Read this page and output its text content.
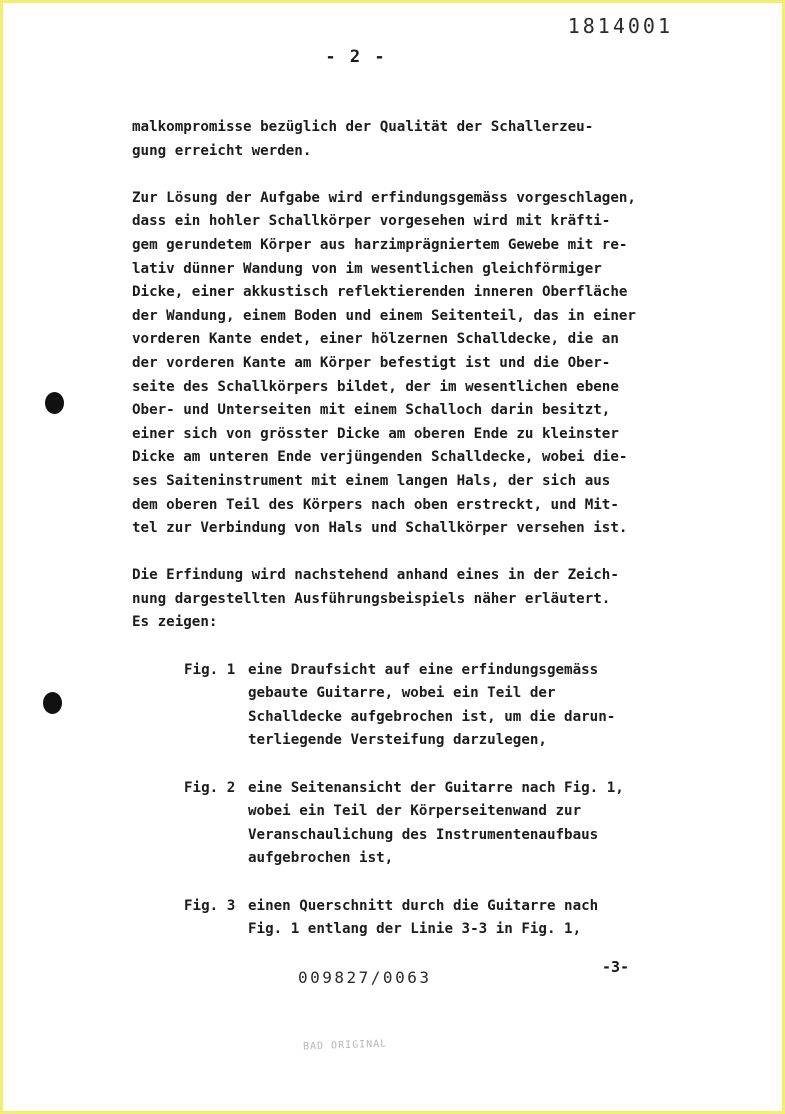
1814001
- 2 -
malkompromisse bezüglich der Qualität der Schallerzeu-
gung erreicht werden.
Zur Lösung der Aufgabe wird erfindungsgemäss vorgeschlagen,
dass ein hohler Schallkörper vorgesehen wird mit kräfti-
gem gerundetem Körper aus harzimprägniertem Gewebe mit re-
lativ dünner Wandung von im wesentlichen gleichförmiger
Dicke, einer akkustisch reflektierenden inneren Oberfläche
der Wandung, einem Boden und einem Seitenteil, das in einer
vorderen Kante endet, einer hölzernen Schalldecke, die an
der vorderen Kante am Körper befestigt ist und die Ober-
seite des Schallkörpers bildet, der im wesentlichen ebene
Ober- und Unterseiten mit einem Schalloch darin besitzt,
einer sich von grösster Dicke am oberen Ende zu kleinster
Dicke am unteren Ende verjüngenden Schalldecke, wobei die-
ses Saiteninstrument mit einem langen Hals, der sich aus
dem oberen Teil des Körpers nach oben erstreckt, und Mit-
tel zur Verbindung von Hals und Schallkörper versehen ist.
Die Erfindung wird nachstehend anhand eines in der Zeich-
nung dargestellten Ausführungsbeispiels näher erläutert.
Es zeigen:
Fig. 1 eine Draufsicht auf eine erfindungsgemäss
gebaute Guitarre, wobei ein Teil der
Schalldecke aufgebrochen ist, um die darun-
terliegende Versteifung darzulegen,
Fig. 2 eine Seitenansicht der Guitarre nach Fig. 1,
wobei ein Teil der Körperseitenwand zur
Veranschaulichung des Instrumentenaufbaus
aufgebrochen ist,
Fig. 3 einen Querschnitt durch die Guitarre nach
Fig. 1 entlang der Linie 3-3 in Fig. 1,
-3-
009827/0063
BAD ORIGINAL
